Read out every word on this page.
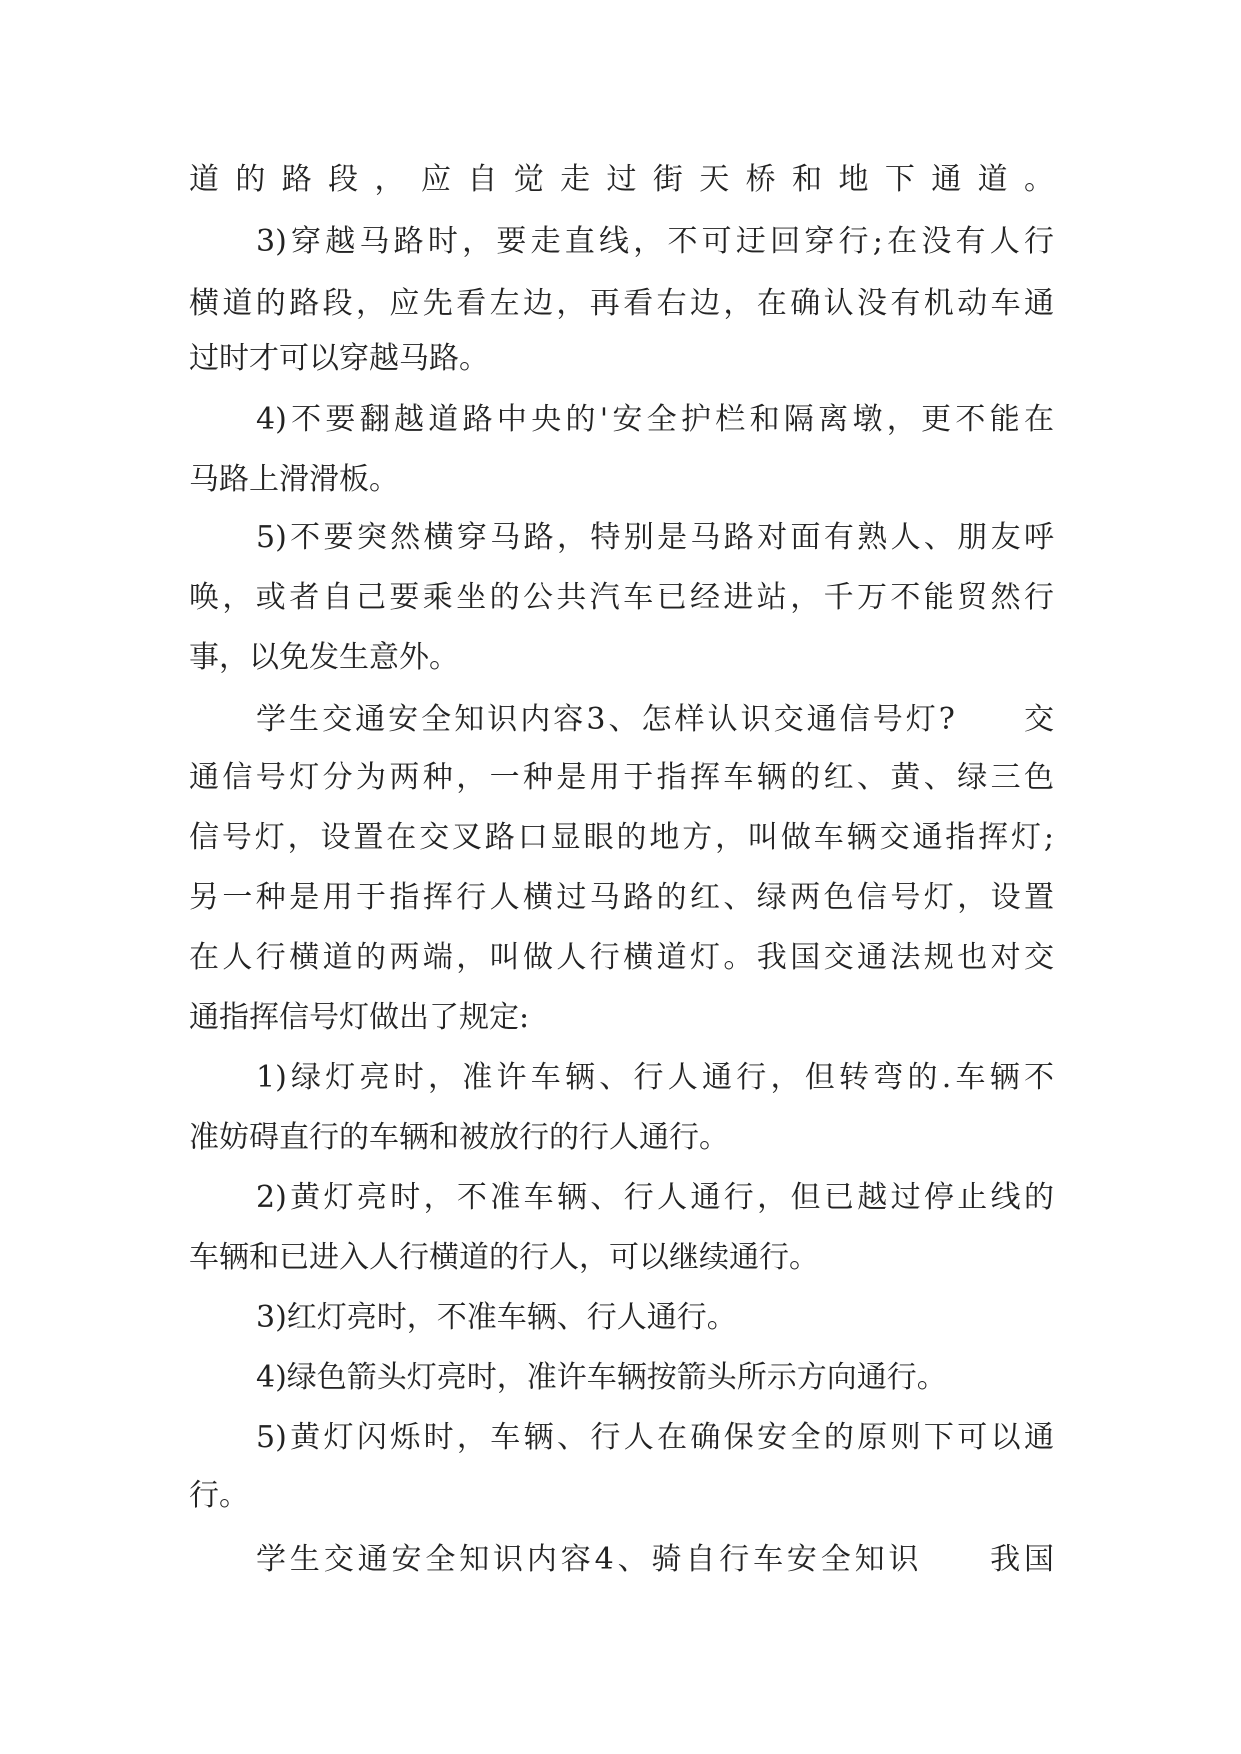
道的路段，应自觉走过街天桥和地下通道。
3)穿越马路时，要走直线，不可迂回穿行;在没有人行
横道的路段，应先看左边，再看右边，在确认没有机动车通
过时才可以穿越马路。
4)不要翻越道路中央的'安全护栏和隔离墩，更不能在
马路上滑滑板。
5)不要突然横穿马路，特别是马路对面有熟人、朋友呼
唤，或者自己要乘坐的公共汽车已经进站，千万不能贸然行
事，以免发生意外。
学生交通安全知识内容3、怎样认识交通信号灯?　　交
通信号灯分为两种，一种是用于指挥车辆的红、黄、绿三色
信号灯，设置在交叉路口显眼的地方，叫做车辆交通指挥灯;
另一种是用于指挥行人横过马路的红、绿两色信号灯，设置
在人行横道的两端，叫做人行横道灯。我国交通法规也对交
通指挥信号灯做出了规定:
1)绿灯亮时，准许车辆、行人通行，但转弯的.车辆不
准妨碍直行的车辆和被放行的行人通行。
2)黄灯亮时，不准车辆、行人通行，但已越过停止线的
车辆和已进入人行横道的行人，可以继续通行。
3)红灯亮时，不准车辆、行人通行。
4)绿色箭头灯亮时，准许车辆按箭头所示方向通行。
5)黄灯闪烁时，车辆、行人在确保安全的原则下可以通
行。
学生交通安全知识内容4、骑自行车安全知识　　我国
